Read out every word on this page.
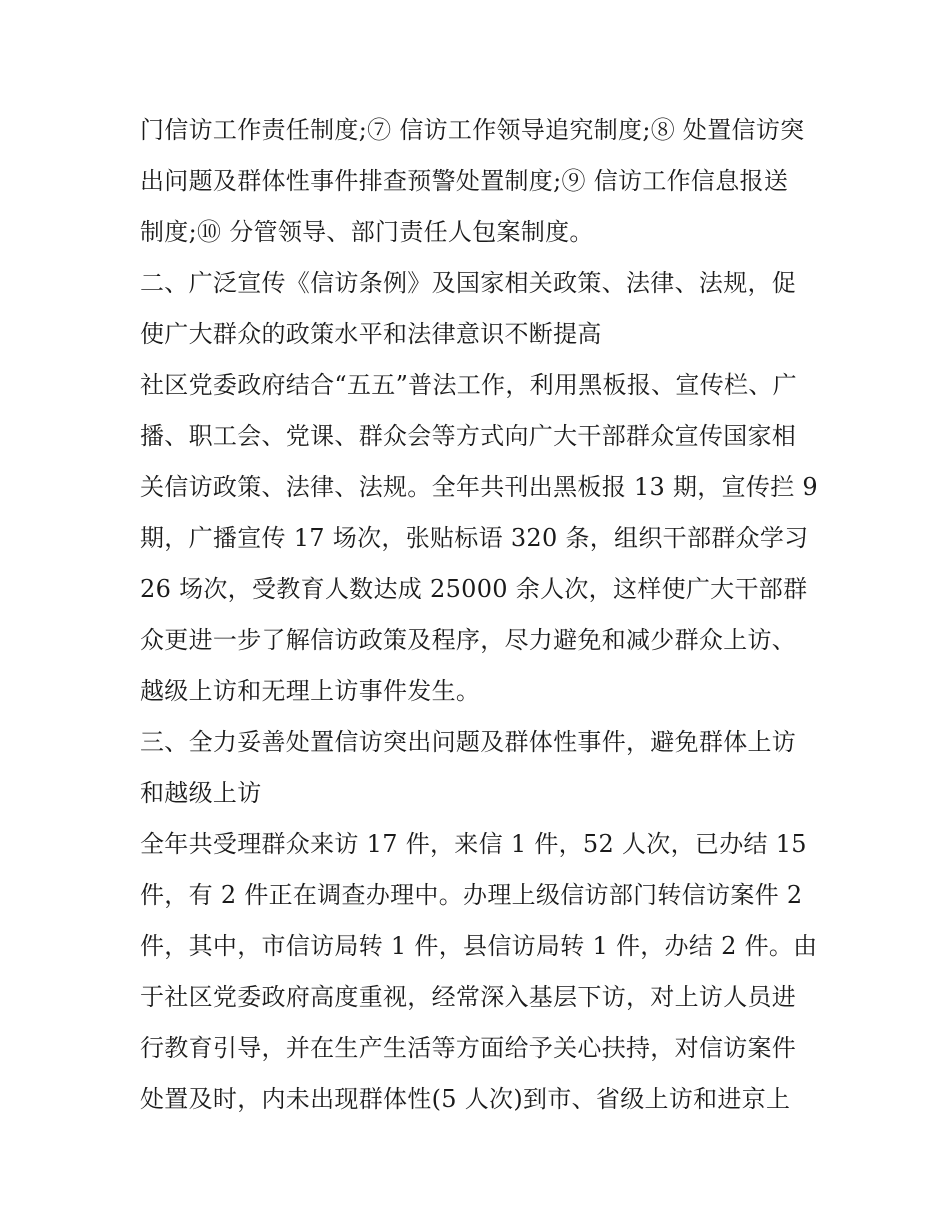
门信访工作责任制度;⑦ 信访工作领导追究制度;⑧ 处置信访突
出问题及群体性事件排查预警处置制度;⑨ 信访工作信息报送
制度;⑩ 分管领导、部门责任人包案制度。
二、广泛宣传《信访条例》及国家相关政策、法律、法规，促
使广大群众的政策水平和法律意识不断提高
社区党委政府结合“五五”普法工作，利用黑板报、宣传栏、广
播、职工会、党课、群众会等方式向广大干部群众宣传国家相
关信访政策、法律、法规。全年共刊出黑板报 13 期，宣传拦 9
期，广播宣传 17 场次，张贴标语 320 条，组织干部群众学习
26 场次，受教育人数达成 25000 余人次，这样使广大干部群
众更进一步了解信访政策及程序，尽力避免和减少群众上访、
越级上访和无理上访事件发生。
三、全力妥善处置信访突出问题及群体性事件，避免群体上访
和越级上访
全年共受理群众来访 17 件，来信 1 件，52 人次，已办结 15
件，有 2 件正在调查办理中。办理上级信访部门转信访案件 2
件，其中，市信访局转 1 件，县信访局转 1 件，办结 2 件。由
于社区党委政府高度重视，经常深入基层下访，对上访人员进
行教育引导，并在生产生活等方面给予关心扶持，对信访案件
处置及时，内未出现群体性(5 人次)到市、省级上访和进京上
